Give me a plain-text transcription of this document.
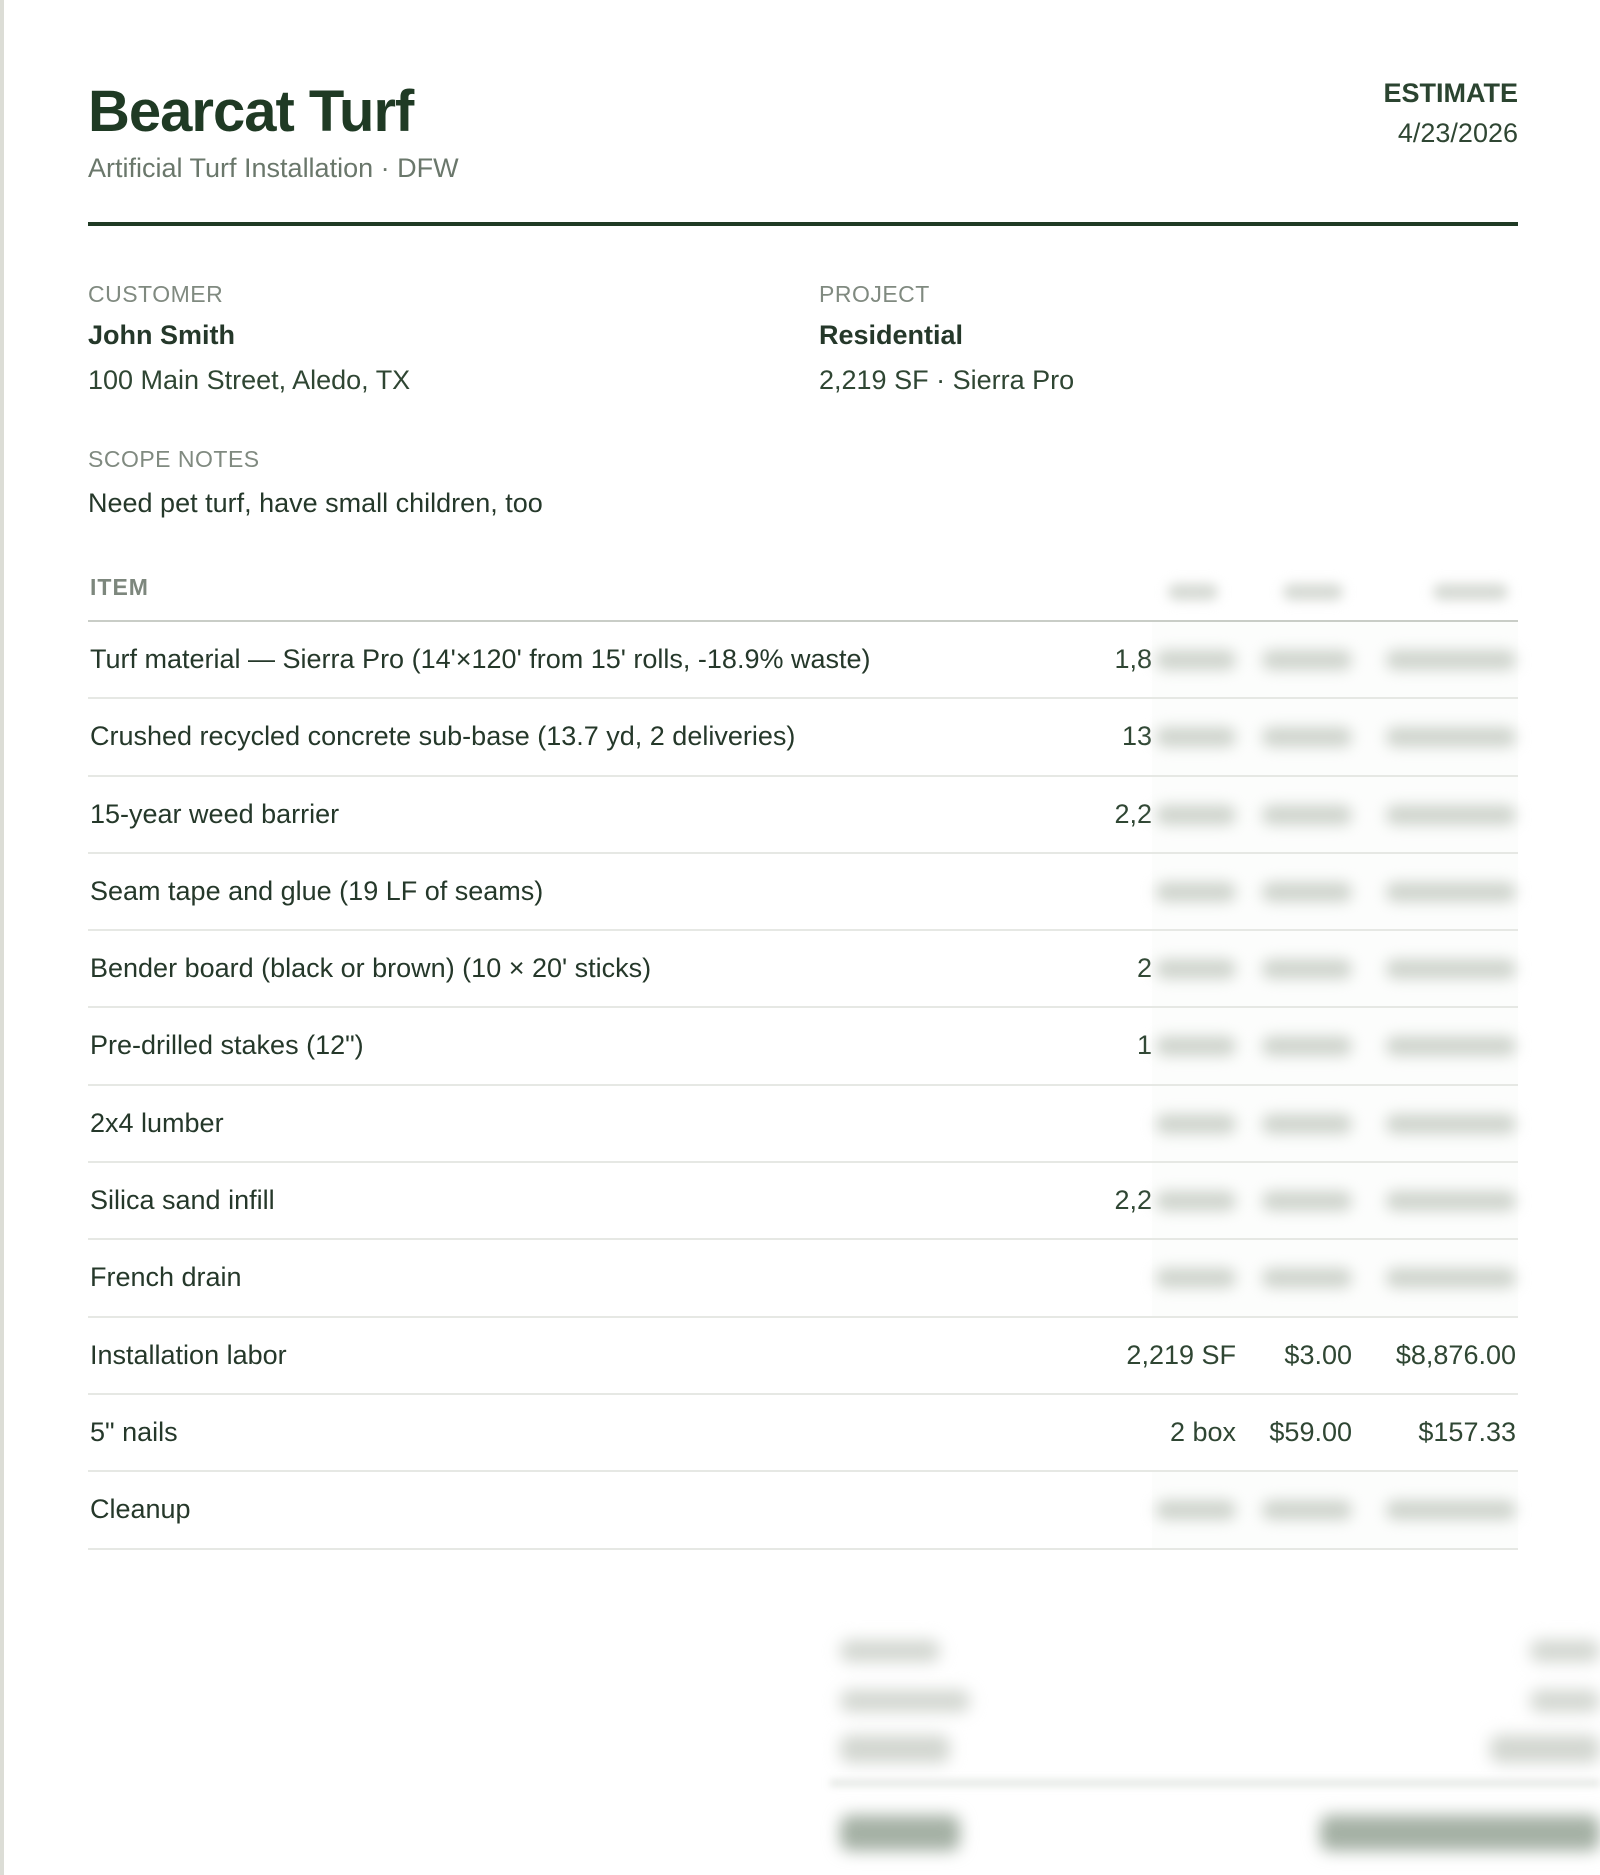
Bearcat Turf
Artificial Turf Installation · DFW
ESTIMATE
4/23/2026
CUSTOMER
John Smith
100 Main Street, Aledo, TX
PROJECT
Residential
2,219 SF · Sierra Pro
SCOPE NOTES
Need pet turf, have small children, too
ITEM
Turf material — Sierra Pro (14'×120' from 15' rolls, -18.9% waste)	1,8
Crushed recycled concrete sub-base (13.7 yd, 2 deliveries)	13
15-year weed barrier	2,2
Seam tape and glue (19 LF of seams)
Bender board (black or brown) (10 × 20' sticks)	2
Pre-drilled stakes (12")	1
2x4 lumber
Silica sand infill	2,2
French drain
Installation labor	2,219 SF $3.00 $8,876.00
5" nails	2 box $59.00 $157.33
Cleanup
